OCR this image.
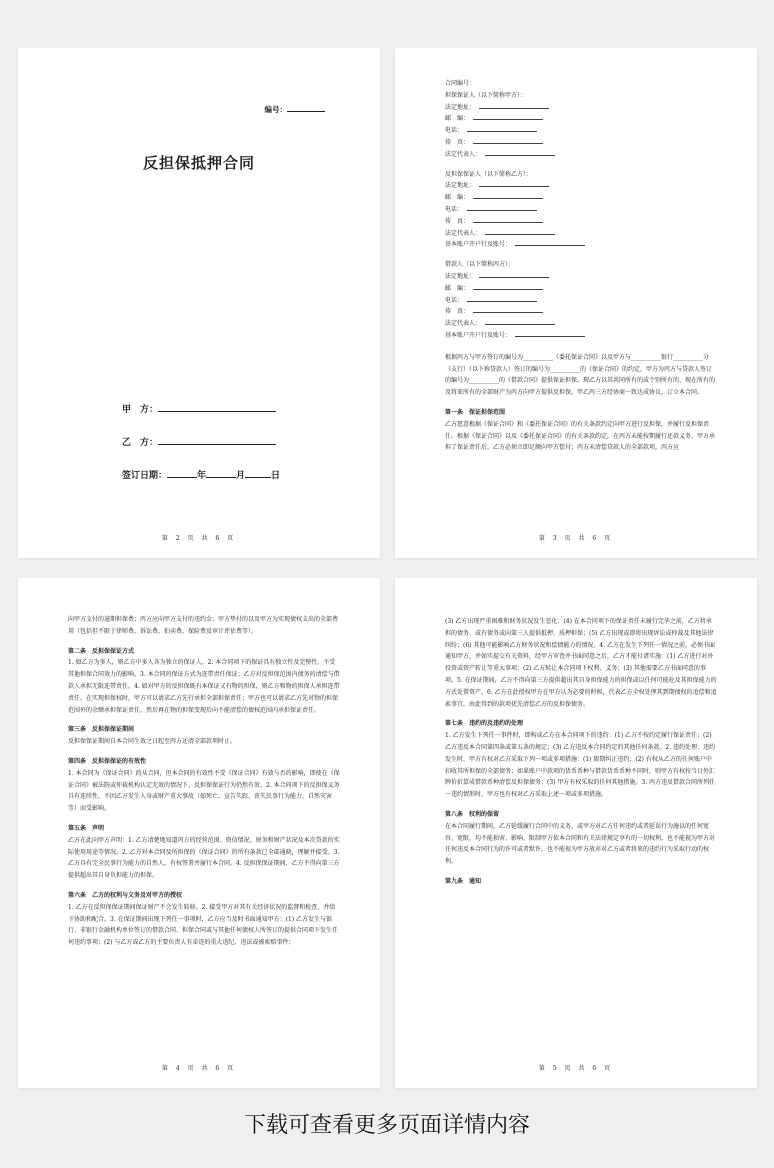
编号：
反担保抵押合同
甲　方：
乙　方：
签订日期：	年	月	日
第 2 页 共 6 页
合同编号：
担保保证人（以下简称甲方）：
法定地址：
邮　编：
电话：
传　真：
法定代表人：
反担保保证人（以下简称乙方）：
法定地址：
邮　编：
电话：
传　真：
法定代表人：
基本账户开户行及账号：
借款人（以下简称丙方）：
法定地址：
邮　编：
电话：
传　真：
法定代表人：
基本账户开户行及账号：
根据丙方与甲方签订的编号为__________《委托保证合同》以及甲方与__________银行__________分（支行）（以下称贷款人）签订的编号为__________的《保证合同》的约定，甲方为丙方与贷款人签订的编号为__________的《借款合同》提供保证担保。现乙方以其共同所有的或个别所有的、现在所有的及将来所有的全部财产为丙方向甲方提供反担保。甲乙丙三方经协商一致达成协议，订立本合同。
第一条　保证担保范围
乙方愿意根据《保证合同》和《委托保证合同》的有关条款约定向甲方进行反担保，并履行反担保责任。根据《保证合同》以及《委托保证合同》的有关条款约定，在丙方未能按期履行还款义务，甲方承担了保证责任后，乙方必须立即足额向甲方偿付；丙方未清偿贷款人的全部款项，丙方应
第 3 页 共 6 页
向甲方支付的逾期担保费；丙方应向甲方支付的违约金；甲方垫付的以及甲方为实现债权支出的全部费用（包括但不限于律师费、诉讼费、拍卖费、保险费及审计评估费等）。
第二条　反担保保证方式
1. 如乙方为多人，则乙方中多人各为独立的保证人。2. 本合同项下的保证具有独立性及完整性，不受其他担保合同效力的影响。3. 本合同的保证方式为连带责任保证；乙方对反担保范围内债务的清偿与借款人承担无限连带责任。4. 如对甲方的反担保既有本保证又有物的担保，则乙方和物的担保人承担连带责任。在实现担保权时，甲方可以请求乙方先行承担全部担保责任；甲方也可以请求乙方先对物的担保范围外的余额承担保证责任，然后再在物的担保变现后向不能清偿的债权范围内承担保证责任。
第三条　反担保保证期间
反担保保证期间自本合同生效之日起至丙方还清全部款项时止。
第四条　反担保保证的有效性
1. 本合同为《保证合同》的从合同，但本合同的有效性不受《保证合同》有效与否的影响，即使在《保证合同》被法院或仲裁机构认定无效的情况下，反担保保证行为仍然有效。2. 本合同项下的反担保义务具有连续性，不因乙方发生人身或财产重大事故（如死亡、宣告失踪、丧失民事行为能力、自然灾害等）而受影响。
第五条　声明
乙方在此向甲方声明：1. 乙方清楚地知道丙方的经营范围、资信情况、财务和财产状况及本次贷款的实际使用用途等情况。2. 乙方对本合同及所担保的《保证合同》的所有条款已全部通晓，理解并接受。3. 乙方具有完全民事行为能力的自然人，有权签署并履行本合同。4. 反担保保证期间，乙方不得向第三方提供超出其自身负担能力的担保。
第六条　乙方的权利与义务及对甲方的授权
1. 乙方在反担保保证期间保证财产不会发生转移。2. 接受甲方对其有关经济状况的监督和检查，并给予协助和配合。3. 在保证期间出现下列任一事项时，乙方应当及时书面通知甲方：(1) 乙方发生与银行、非银行金融机构单位签订的借款合同、担保合同或与其他任何债权人所签订的提供合同项下发生任何违约事项；(2) 与乙方或乙方的主要负责人有牵连的重大违纪、违法或被索赔事件；
第 4 页 共 6 页
(3) 乙方出现严重困难和财务状况发生恶化；(4) 在本合同项下的保证责任未履行完毕之前，乙方将承担的债务、或有债务或向第三人提供抵押、质押担保；(5) 乙方出现或即将出现诉讼或仲裁及其他法律纠纷；(6) 其他可能影响乙方财务状况和偿债能力的情况。4. 乙方在发生下列任一情况之前，必须书面通知甲方，并如实提交有关资料，经甲方审查并书面同意之后，乙方才能付诸实施：(1) 乙方进行对外投资或资产转让等重大事项；(2) 乙方转让本合同项下权利、义务；(3) 其他需要乙方书面同意的事项。5. 在保证期间，乙方不得向第三方提供超出其自身担保能力的担保或以任何可能危及其担保能力的方式处置资产。6. 乙方在此授权甲方在甲方认为必要的时候，代表乙方全权处理其到期债权的追偿和追索事宜，由此得到的款项优先清偿乙方的反担保债务。
第七条　违约的及违约的处理
1. 乙方发生下列任一事件时，即构成乙方在本合同项下的违约：(1) 乙方不按约定履行保证责任；(2) 乙方违反本合同第四条或第五条的规定；(3) 乙方违反本合同约定的其他任何条款。2. 违约处理：违约发生时，甲方有权对乙方采取下列一项或多项措施：(1) 限期纠正违约；(2) 有权从乙方的任何账户中扣收其所担保的全部债务；如果账户中款项的货币币种与借款货币币种不同时，则甲方有权按当日外汇牌价折算成借款币种清偿反担保债务；(3) 甲方有权采取的任何其他措施。3. 丙方违反借款合同所列任一违约情形时，甲方也有权对乙方采取上述一项或多项措施。
第八条　权利的保留
在本合同履行期间，乙方延缓履行合同中的义务，或甲方对乙方任何违约或者延误行为施以的任何宽容、宽限，均不能损害、影响、限制甲方依本合同和有关法律规定享有的一切权利，也不能视为甲方对任何违反本合同行为的许可或者默许，也不能视为甲方放弃对乙方或者将来的违约行为采取行动的权利。
第九条　通知
第 5 页 共 6 页
下载可查看更多页面详情内容
